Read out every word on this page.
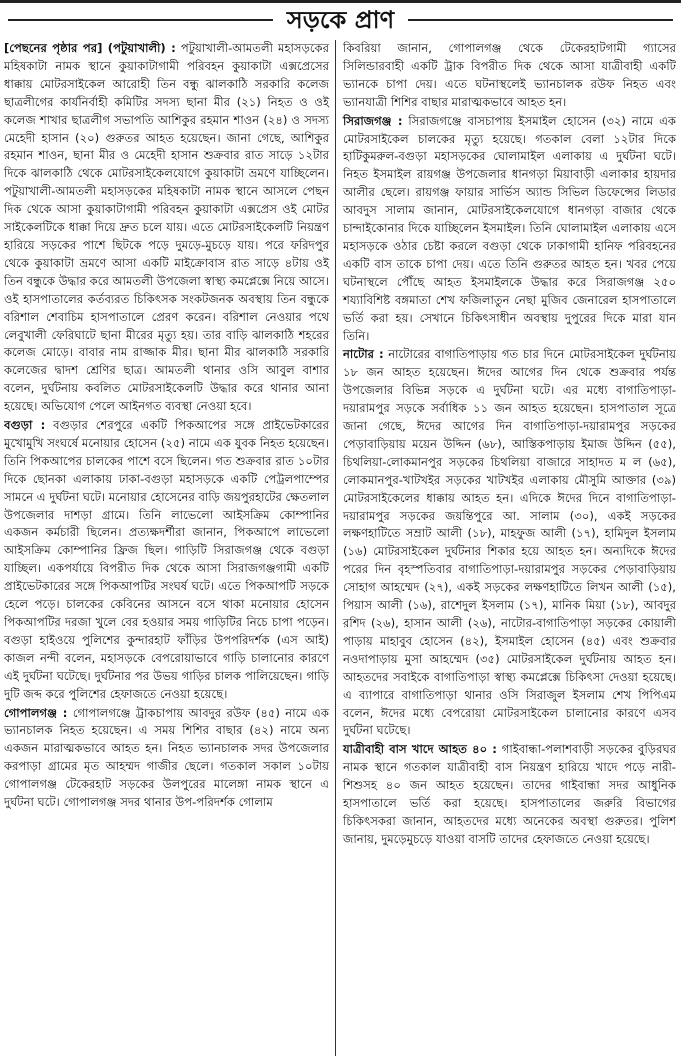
সড়কে প্রাণ

[পেছনের পৃষ্ঠার পর] (পটুয়াখালী) : পটুয়াখালী-আমতলী মহাসড়কের মহিষকাটা নামক স্থানে কুয়াকাটাগামী পরিবহন কুয়াকাটা এক্সপ্রেসের ধাক্কায় মোটরসাইকেল আরোহী তিন বন্ধু ঝালকাঠি সরকারি কলেজ ছাত্রলীগের কার্যনির্বাহী কমিটির সদস্য ছানা মীর (২১) নিহত ও ওই কলেজ শাখার ছাত্রলীগ সভাপতি আশিকুর রহমান শাওন (২৪) ও সদস্য মেহেদী হাসান (২০) গুরুতর আহত হয়েছেন। জানা গেছে, আশিকুর রহমান শাওন, ছানা মীর ও মেহেদী হাসান শুক্রবার রাত সাড়ে ১২টার দিকে ঝালকাঠি থেকে মোটরসাইকেলযোগে কুয়াকাটা ভ্রমণে যাচ্ছিলেন। পটুয়াখালী-আমতলী মহাসড়কের মহিষকাটা নামক স্থানে আসলে পেছন দিক থেকে আসা কুয়াকাটাগামী পরিবহন কুয়াকাটা এক্সপ্রেস ওই মোটর সাইকেলটিকে ধাক্কা দিয়ে দ্রুত চলে যায়। এতে মোটরসাইকেলটি নিয়ন্ত্রণ হারিয়ে সড়কের পাশে ছিটকে পড়ে দুমড়ে-মুচড়ে যায়। পরে ফরিদপুর থেকে কুয়াকাটা ভ্রমণে আসা একটি মাইক্রোবাস রাত সাড়ে ৪টায় ওই তিন বন্ধুকে উদ্ধার করে আমতলী উপজেলা স্বাস্থ্য কমপ্লেক্সে নিয়ে আসে। ওই হাসপাতালের কর্তব্যরত চিকিৎসক সংকটজনক অবস্থায় তিন বন্ধুকে বরিশাল শেবাচিম হাসপাতালে প্রেরণ করেন। বরিশাল নেওয়ার পথে লেবুখালী ফেরিঘাটে ছানা মীরের মৃত্যু হয়। তার বাড়ি ঝালকাঠি শহরের কলেজ মোড়ে। বাবার নাম রাজ্জাক মীর। ছানা মীর ঝালকাঠি সরকারি কলেজের দ্বাদশ শ্রেণির ছাত্র। আমতলী থানার ওসি আবুল বাশার বলেন, দুর্ঘটনায় কবলিত মোটরসাইকেলটি উদ্ধার করে থানার আনা হয়েছে। অভিযোগ পেলে আইনগত ব্যবস্থা নেওয়া হবে।

বগুড়া : বগুড়ার শেরপুরে একটি পিকআপের সঙ্গে প্রাইভেটকারের মুখোমুখি সংঘর্ষে মনোয়ার হোসেন (২৫) নামে এক যুবক নিহত হয়েছেন। তিনি পিকআপের চালকের পাশে বসে ছিলেন। গত শুক্রবার রাত ১০টার দিকে ছোনকা এলাকায় ঢাকা-বগুড়া মহাসড়কে একটি পেট্রলপাম্পের সামনে এ দুর্ঘটনা ঘটে। মনোয়ার হোসেনের বাড়ি জয়পুরহাটের ক্ষেতলাল উপজেলার দাশড়া গ্রামে। তিনি লাভেলো আইসক্রিম কোম্পানির একজন কর্মচারী ছিলেন। প্রত্যক্ষদর্শীরা জানান, পিকআপে লাভেলো আইসক্রিম কোম্পানির ফ্রিজ ছিল। গাড়িটি সিরাজগঞ্জ থেকে বগুড়া যাচ্ছিল। একপর্যায়ে বিপরীত দিক থেকে আসা সিরাজগঞ্জগামী একটি প্রাইভেটকারের সঙ্গে পিকআপটির সংঘর্ষ ঘটে। এতে পিকআপটি সড়কে হেলে পড়ে। চালকের কেবিনের আসনে বসে থাকা মনোয়ার হোসেন পিকআপটির দরজা খুলে বের হওয়ার সময় গাড়িটির নিচে চাপা পড়েন। বগুড়া হাইওয়ে পুলিশের কুন্দারহাট ফাঁড়ির উপপরিদর্শক (এস আই) কাজল নন্দী বলেন, মহাসড়কে বেপরোয়াভাবে গাড়ি চালানোর কারণে এই দুর্ঘটনা ঘটেছে। দুর্ঘটনার পর উভয় গাড়ির চালক পালিয়েছেন। গাড়ি দুটি জব্দ করে পুলিশের হেফাজতে নেওয়া হয়েছে।

গোপালগঞ্জ : গোপালগঞ্জে ট্রাকচাপায় আবদুর রউফ (৪৫) নামে এক ভ্যানচালক নিহত হয়েছেন। এ সময় শিশির বাছার (৪২) নামে অন্য একজন মারাত্মকভাবে আহত হন। নিহত ভ্যানচালক সদর উপজেলার করপাড়া গ্রামের মৃত আহম্মদ গাজীর ছেলে। গতকাল সকাল ১০টায় গোপালগঞ্জ টেকেরহাট সড়কের উলপুরের মালেঙ্গা নামক স্থানে এ দুর্ঘটনা ঘটে। গোপালগঞ্জ সদর থানার উপ-পরিদর্শক গোলাম

কিবরিয়া জানান, গোপালগঞ্জ থেকে টেকেরহাটগামী গ্যাসের সিলিন্ডারবাহী একটি ট্রাক বিপরীত দিক থেকে আসা যাত্রীবাহী একটি ভ্যানকে চাপা দেয়। এতে ঘটনাস্থলেই ভ্যানচালক রউফ নিহত এবং ভ্যানযাত্রী শিশির বাছার মারাত্মকভাবে আহত হন।

সিরাজগঞ্জ : সিরাজগঞ্জে বাসচাপায় ইসমাইল হোসেন (৩২) নামে এক মোটরসাইকেল চালকের মৃত্যু হয়েছে। গতকাল বেলা ১২টার দিকে হাটিকুমরুল-বগুড়া মহাসড়কের ঘোলামাইল এলাকায় এ দুর্ঘটনা ঘটে। নিহত ইসমাইল রায়গঞ্জ উপজেলার ধানগড়া মিয়াবাড়ী এলাকার হায়দার আলীর ছেলে। রায়গঞ্জ ফায়ার সার্ভিস অ্যান্ড সিভিল ডিফেন্সের লিডার আবদুস সালাম জানান, মোটরসাইকেলযোগে ধানগড়া বাজার থেকে চান্দাইকোনার দিকে যাচ্ছিলেন ইসমাইল। তিনি ঘোলামাইল এলাকায় এসে মহাসড়কে ওঠার চেষ্টা করলে বগুড়া থেকে ঢাকাগামী হানিফ পরিবহনের একটি বাস তাকে চাপা দেয়। এতে তিনি গুরুতর আহত হন। খবর পেয়ে ঘটনাস্থলে পৌঁছে আহত ইসমাইলকে উদ্ধার করে সিরাজগঞ্জ ২৫০ শয্যাবিশিষ্ট বঙ্গমাতা শেখ ফজিলাতুন নেছা মুজিব জেনারেল হাসপাতালে ভর্তি করা হয়। সেখানে চিকিৎসাধীন অবস্থায় দুপুরের দিকে মারা যান তিনি।

নাটোর : নাটোরের বাগাতিপাড়ায় গত চার দিনে মোটরসাইকেল দুর্ঘটনায় ১৮ জন আহত হয়েছেন। ঈদের আগের দিন থেকে শুক্রবার পর্যন্ত উপজেলার বিভিন্ন সড়কে এ দুর্ঘটনা ঘটে। এর মধ্যে বাগাতিপাড়া-দয়ারামপুর সড়কে সর্বাধিক ১১ জন আহত হয়েছেন। হাসপাতাল সূত্রে জানা গেছে, ঈদের আগের দিন বাগাতিপাড়া-দয়ারামপুর সড়কের পেড়াবাড়িয়ায় ময়েন উদ্দিন (৬৮), আস্তিকপাড়ায় ইমাজ উদ্দিন (৫৫), চিথলিয়া-লোকমানপুর সড়কের চিথলিয়া বাজারে সাহাদত ম ল (৬৫), লোকমানপুর-খাটখইর সড়কের খাটখইর এলাকায় মৌসুমি আক্তার (৩৯) মোটরসাইকেলের ধাক্কায় আহত হন। এদিকে ঈদের দিনে বাগাতিপাড়া-দয়ারামপুর সড়কের জয়ন্তিপুরে আ. সালাম (৩০), একই সড়কের লক্ষণহাটিতে সম্রাট আলী (১৮), মাহফুজ আলী (১৭), হামিদুল ইসলাম (১৬) মোটরসাইকেল দুর্ঘটনার শিকার হয়ে আহত হন। অন্যদিকে ঈদের পরের দিন বৃহস্পতিবার বাগাতিপাড়া-দয়ারামপুর সড়কের পেড়াবাড়িয়ায় সোহাগ আহম্মেদ (২৭), একই সড়কের লক্ষণহাটিতে লিখন আলী (১৫), পিয়াস আলী (১৬), রাশেদুল ইসলাম (১৭), মানিক মিয়া (১৮), আবদুর রশিদ (২৬), হাসান আলী (২৬), নাটোর-বাগাতিপাড়া সড়কের কোয়ালী পাড়ায় মাহাবুব হোসেন (৪২), ইসমাইল হোসেন (৪৫) এবং শুক্রবার নওদাপাড়ায় মুসা আহম্মেদ (৩৫) মোটরসাইকেল দুর্ঘটনায় আহত হন। আহতদের সবাইকে বাগাতিপাড়া স্বাস্থ্য কমপ্লেক্সে চিকিৎসা দেওয়া হয়েছে। এ ব্যাপারে বাগাতিপাড়া থানার ওসি সিরাজুল ইসলাম শেখ পিপিএম বলেন, ঈদের মধ্যে বেপরোয়া মোটরসাইকেল চালানোর কারণে এসব দুর্ঘটনা ঘটেছে।

যাত্রীবাহী বাস খাদে আহত ৪০ : গাইবান্ধা-পলাশবাড়ী সড়কের বুড়িরঘর নামক স্থানে গতকাল যাত্রীবাহী বাস নিয়ন্ত্রণ হারিয়ে খাদে পড়ে নারী-শিশুসহ ৪০ জন আহত হয়েছেন। তাদের গাইবান্ধা সদর আধুনিক হাসপাতালে ভর্তি করা হয়েছে। হাসপাতালের জরুরি বিভাগের চিকিৎসকরা জানান, আহতদের মধ্যে অনেকের অবস্থা গুরুতর। পুলিশ জানায়, দুমড়েমুচড়ে যাওয়া বাসটি তাদের হেফাজতে নেওয়া হয়েছে।
